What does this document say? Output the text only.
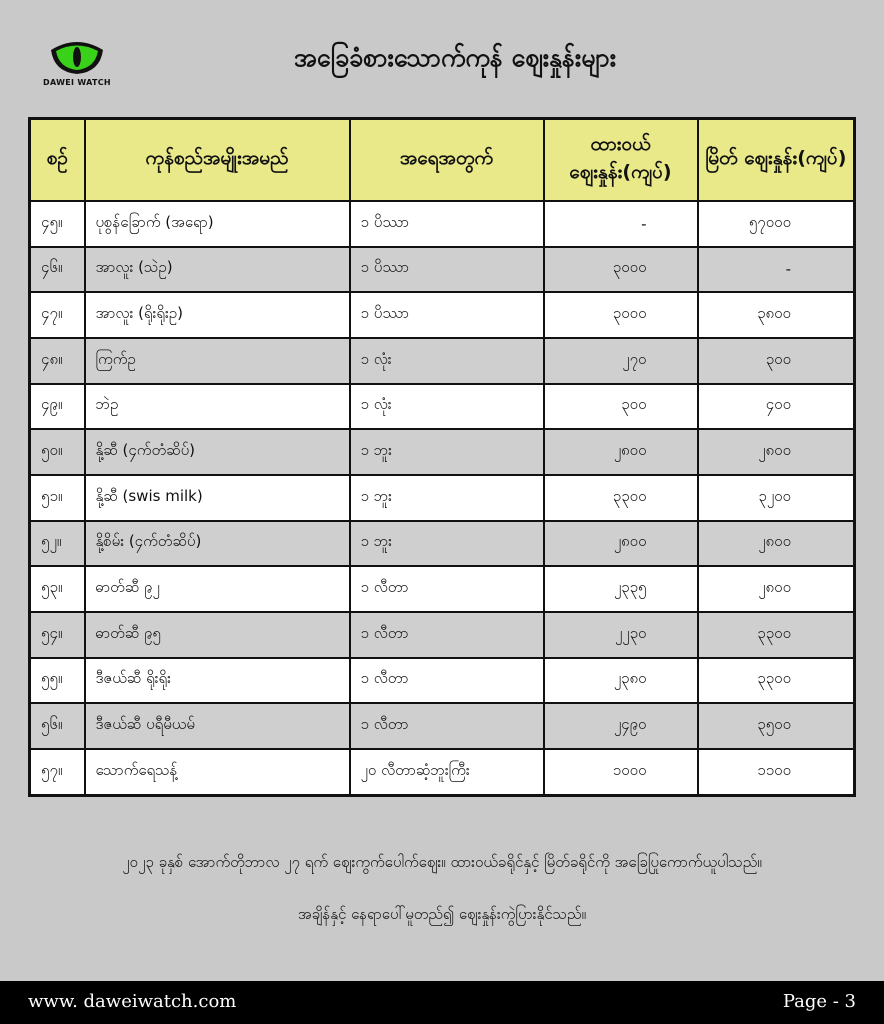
DAWEI WATCH
အခြေခံစားသောက်ကုန် ဈေးနှုန်းများ
စဉ်	ကုန်စည်အမျိုးအမည်	အရေအတွက်	ထားဝယ် ဈေးနှုန်း(ကျပ်)	မြိတ် ဈေးနှုန်း(ကျပ်)
၄၅။	ပုစွန်ခြောက် (အရော)	၁ ပိဿာ	-	၅၇၀၀၀
၄၆။	အာလူး (သဲဥ)	၁ ပိဿာ	၃၀၀၀	-
၄၇။	အာလူး (ရိုးရိုးဥ)	၁ ပိဿာ	၃၀၀၀	၃၈၀၀
၄၈။	ကြက်ဥ	၁ လုံး	၂၇၀	၃၀၀
၄၉။	ဘဲဥ	၁ လုံး	၃၀၀	၄၀၀
၅၀။	နို့ဆီ (၄က်တံဆိပ်)	၁ ဘူး	၂၈၀၀	၂၈၀၀
၅၁။	နို့ဆီ (swis milk)	၁ ဘူး	၃၃၀၀	၃၂၀၀
၅၂။	နို့စိမ်း (၄က်တံဆိပ်)	၁ ဘူး	၂၈၀၀	၂၈၀၀
၅၃။	ဓာတ်ဆီ ၉၂	၁ လီတာ	၂၃၃၅	၂၈၀၀
၅၄။	ဓာတ်ဆီ ၉၅	၁ လီတာ	၂၂၃၀	၃၃၀၀
၅၅။	ဒီဇယ်ဆီ ရိုးရိုး	၁ လီတာ	၂၃၈၀	၃၃၀၀
၅၆။	ဒီဇယ်ဆီ ပရီမီယမ်	၁ လီတာ	၂၄၉၀	၃၅၀၀
၅၇။	သောက်ရေသန့်	၂၀ လီတာဆံ့ဘူးကြီး	၁၀၀၀	၁၁၀၀
၂၀၂၃ ခုနှစ် အောက်တိုဘာလ ၂၇ ရက် ဈေးကွက်ပေါက်ဈေး။ ထားဝယ်ခရိုင်နှင့် မြိတ်ခရိုင်ကို အခြေပြုကောက်ယူပါသည်။
အချိန်နှင့် နေရာပေါ်မူတည်၍ ဈေးနှုန်းကွဲပြားနိုင်သည်။
www. daweiwatch.com	Page - 3
